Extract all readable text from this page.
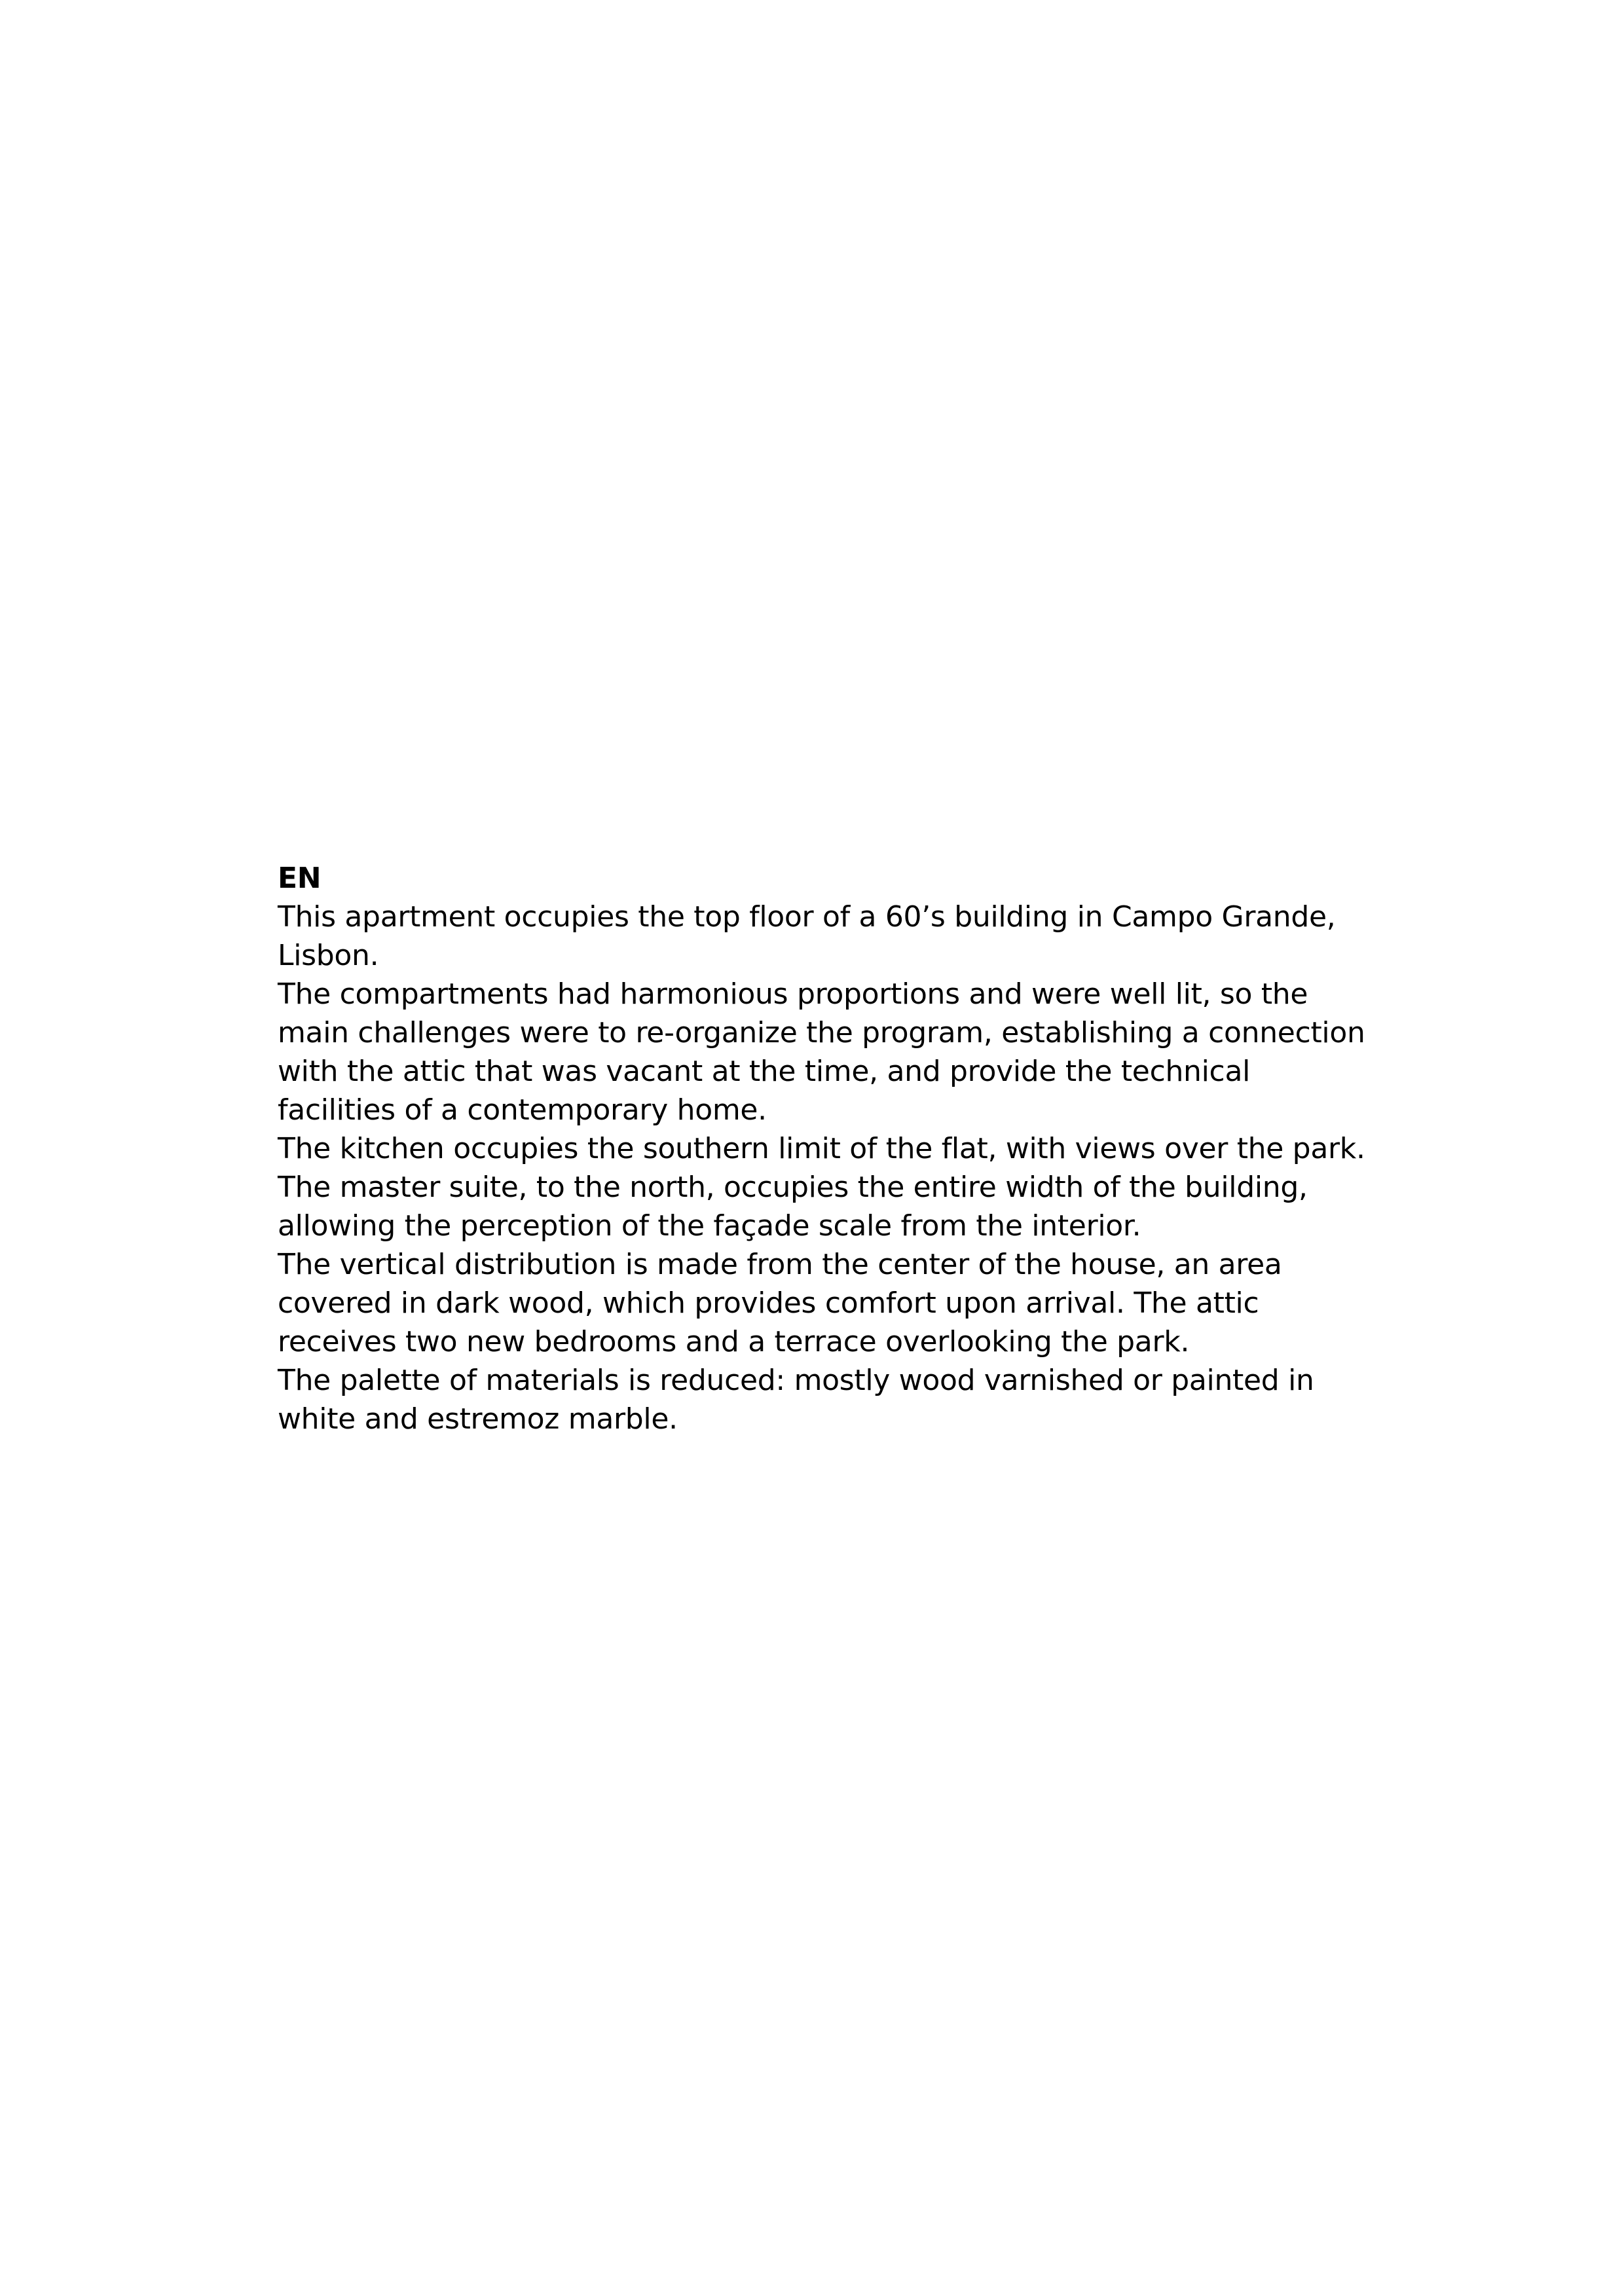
EN

This apartment occupies the top floor of a 60’s building in Campo Grande,
Lisbon.

The compartments had harmonious proportions and were well lit, so the
main challenges were to re-organize the program, establishing a connection
with the attic that was vacant at the time, and provide the technical
facilities of a contemporary home.

The kitchen occupies the southern limit of the flat, with views over the park.
The master suite, to the north, occupies the entire width of the building,
allowing the perception of the façade scale from the interior.

The vertical distribution is made from the center of the house, an area
covered in dark wood, which provides comfort upon arrival. The attic
receives two new bedrooms and a terrace overlooking the park.

The palette of materials is reduced: mostly wood varnished or painted in
white and estremoz marble.
